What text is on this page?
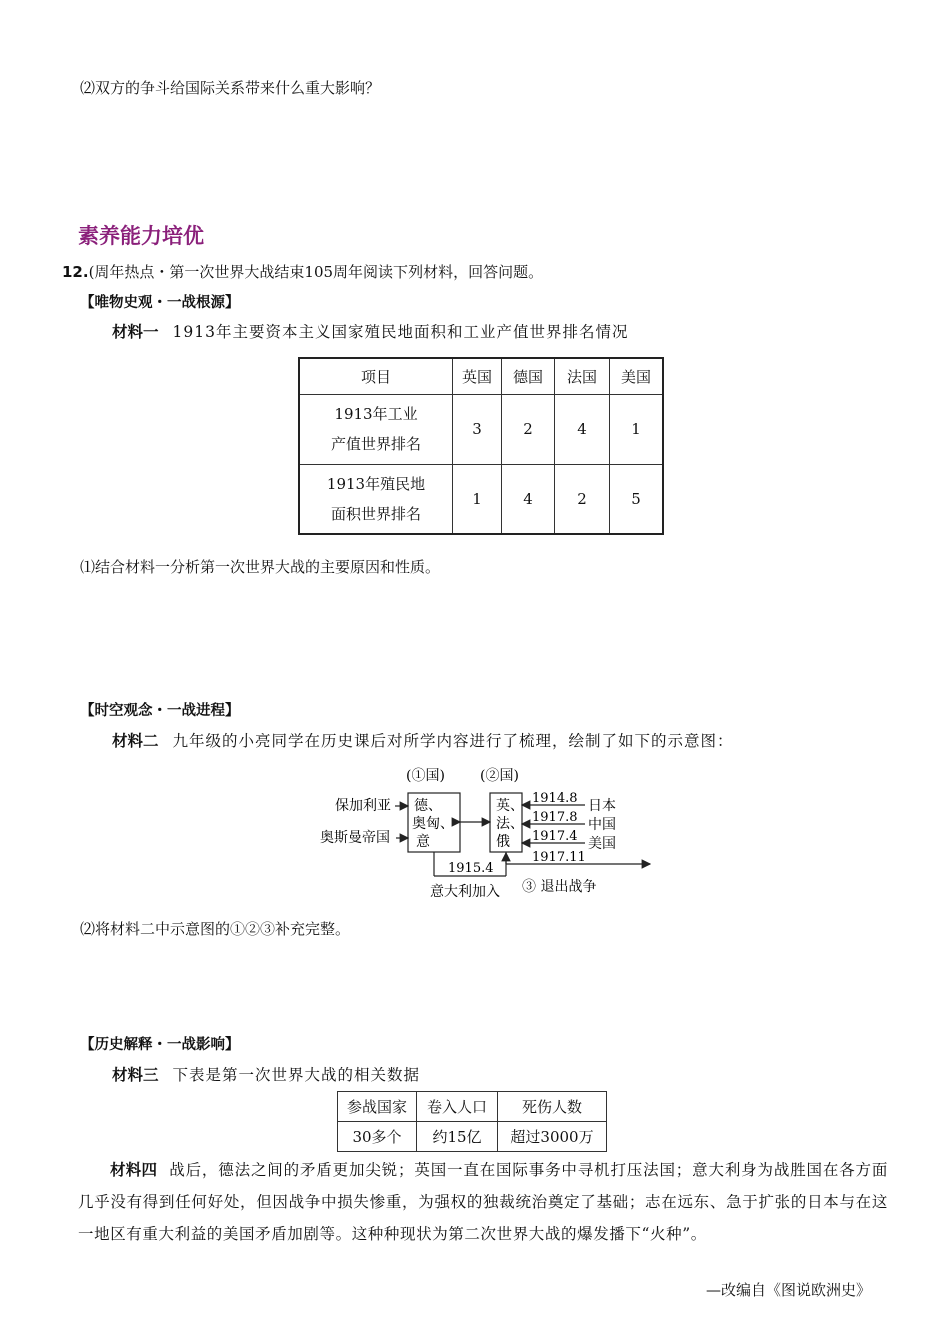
⑵双方的争斗给国际关系带来什么重大影响？
素养能力培优
12.(周年热点・第一次世界大战结束105周年阅读下列材料，回答问题。
【唯物史观・一战根源】
材料一 1913年主要资本主义国家殖民地面积和工业产值世界排名情况
项目	英国	德国	法国	美国

1913年工业
产值世界排名	3	2	4	1

1913年殖民地
面积世界排名	1	4	2	5
⑴结合材料一分析第一次世界大战的主要原因和性质。
【时空观念・一战进程】
材料二 九年级的小亮同学在历史课后对所学内容进行了梳理，绘制了如下的示意图：
(①国)	(②国)
德、
奥匈、
意
英、
法、
俄
保加利亚
奥斯曼帝国
1914.8 日本
1917.8 中国
1917.4 美国
1917.11
③ 退出战争
1915.4
意大利加入
⑵将材料二中示意图的①②③补充完整。
【历史解释・一战影响】
材料三 下表是第一次世界大战的相关数据
参战国家	卷入人口	死伤人数
30多个	约15亿	超过3000万
材料四 战后，德法之间的矛盾更加尖锐；英国一直在国际事务中寻机打压法国；意大利身为战胜国在各方面几乎没有得到任何好处，但因战争中损失惨重，为强权的独裁统治奠定了基础；志在远东、急于扩张的日本与在这一地区有重大利益的美国矛盾加剧等。这种种现状为第二次世界大战的爆发播下“火种”。
—改编自《图说欧洲史》
